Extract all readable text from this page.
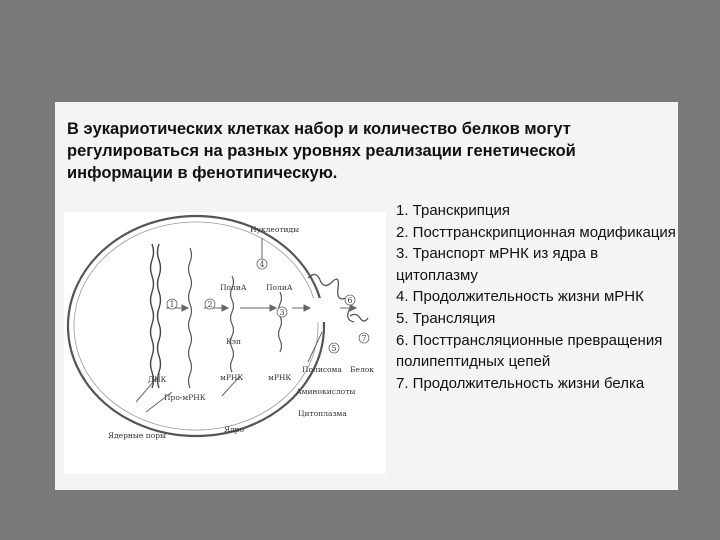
В эукариотических клетках набор и количество белков могут регулироваться на разных уровнях реализации генетической информации в фенотипическую.
1	2
3
4
5
6
7
Нуклеотиды
ПолиА	ПолиА
Кэп
ДНК	мРНК	мРНК
Полисома Белок
Аминокислоты
Про-мРНК
Цитоплазма
Ядро
Ядерные поры
1. Транскрипция
2. Посттранскрипционная модификация
3. Транспорт мРНК из ядра в цитоплазму
4. Продолжительность жизни мРНК
5. Трансляция
6. Посттрансляционные превращения полипептидных цепей
7. Продолжительность жизни белка
